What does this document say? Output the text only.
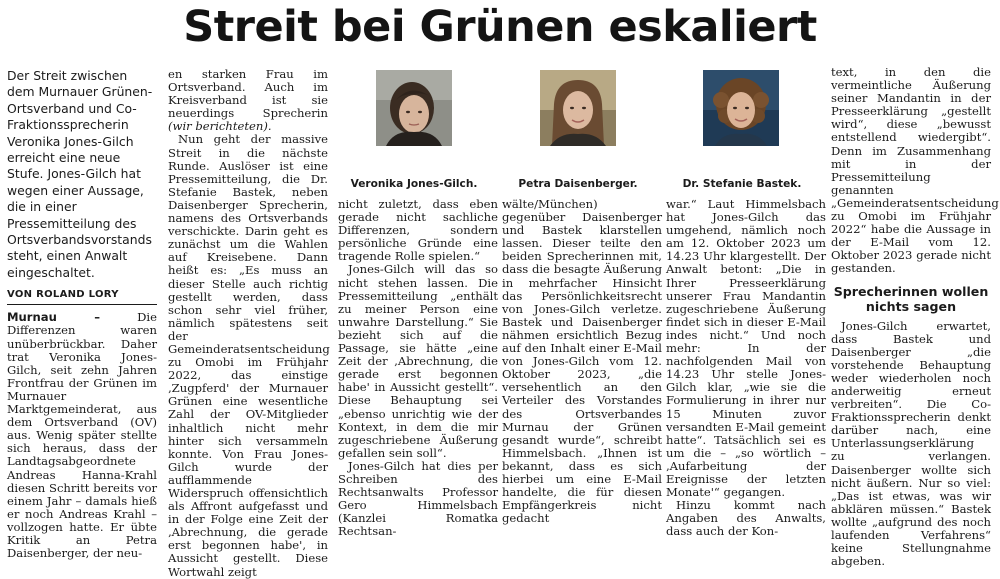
Streit bei Grünen eskaliert

Der Streit zwischen dem Murnauer Grünen-Ortsverband und Co-Fraktionssprecherin Veronika Jones-Gilch erreicht eine neue Stufe. Jones-Gilch hat wegen einer Aussage, die in einer Pressemitteilung des Ortsverbandsvorstands steht, einen Anwalt eingeschaltet.

VON ROLAND LORY

Murnau –	Die Differenzen waren unüberbrückbar. Daher trat Veronika Jones-Gilch, seit zehn Jahren Frontfrau der Grünen im Murnauer Marktgemeinderat, aus dem Ortsverband (OV) aus. Wenig später stellte sich heraus, dass der Landtagsabgeordnete Andreas Hanna-Krahl diesen Schritt bereits vor einem Jahr – damals hieß er noch Andreas Krahl – vollzogen hatte. Er übte Kritik an Petra Daisenberger, der neu-

en starken Frau im Ortsverband. Auch im Kreisverband ist sie neuerdings Sprecherin (wir berichteten).

Nun geht der massive Streit in die nächste Runde. Auslöser ist eine Pressemitteilung, die Dr. Stefanie Bastek, neben Daisenberger Sprecherin, namens des Ortsverbands verschickte. Darin geht es zunächst um die Wahlen auf Kreisebene. Dann heißt es: „Es muss an dieser Stelle auch richtig gestellt werden, dass schon sehr viel früher, nämlich spätestens seit der Gemeinderatsentscheidung zu Omobi im Frühjahr 2022, das einstige ‚Zugpferd' der Murnauer Grünen eine wesentliche Zahl der OV-Mitglieder inhaltlich nicht mehr hinter sich versammeln konnte. Von Frau Jones-Gilch wurde der aufflammende Widerspruch offensichtlich als Affront aufgefasst und in der Folge eine Zeit der ‚Abrechnung, die gerade erst begonnen habe', in Aussicht gestellt. Diese Wortwahl zeigt

Veronika Jones-Gilch.	Petra Daisenberger.	Dr. Stefanie Bastek.

nicht zuletzt, dass eben gerade nicht sachliche Differenzen, sondern persönliche Gründe eine tragende Rolle spielen.“

Jones-Gilch will das so nicht stehen lassen. Die Pressemitteilung „enthält zu meiner Person eine unwahre Darstellung.“ Sie bezieht sich auf die Passage, sie hätte „eine Zeit der ‚Abrechnung, die gerade erst begonnen habe' in Aussicht gestellt“. Diese Behauptung sei „ebenso unrichtig wie der Kontext, in dem die mir zugeschriebene Äußerung gefallen sein soll“.

Jones-Gilch hat dies per Schreiben des Rechtsanwalts Professor Gero Himmelsbach (Kanzlei Romatka Rechtsan-

wälte/München) gegenüber Daisenberger und Bastek klarstellen lassen. Dieser teilte den beiden Sprecherinnen mit, dass die besagte Äußerung in mehrfacher Hinsicht das Persönlichkeitsrecht von Jones-Gilch verletze. Bastek und Daisenberger nähmen ersichtlich Bezug auf den Inhalt einer E-Mail von Jones-Gilch vom 12. Oktober 2023, „die versehentlich an den Verteiler des Vorstandes des Ortsverbandes Murnau der Grünen gesandt wurde“, schreibt Himmelsbach. „Ihnen ist bekannt, dass es sich hierbei um eine E-Mail handelte, die für diesen Empfängerkreis nicht gedacht

war.“ Laut Himmelsbach hat Jones-Gilch das umgehend, nämlich noch am 12. Oktober 2023 um 14.23 Uhr klargestellt. Der Anwalt betont: „Die in Ihrer Presseerklärung unserer Frau Mandantin zugeschriebene Äußerung findet sich in dieser E-Mail indes nicht.“ Und noch mehr: In der nachfolgenden Mail von 14.23 Uhr stelle Jones-Gilch klar, „wie sie die Formulierung in ihrer nur 15 Minuten zuvor versandten E-Mail gemeint hatte“. Tatsächlich sei es um die – „so wörtlich – ‚Aufarbeitung der Ereignisse der letzten Monate'“ gegangen.

Hinzu kommt nach Angaben des Anwalts, dass auch der Kon-

text, in den die vermeintliche Äußerung seiner Mandantin in der Presseerklärung „gestellt wird“, diese „bewusst entstellend wiedergibt“. Denn im Zusammenhang mit in der Pressemitteilung genannten „Gemeinderatsentscheidung zu Omobi im Frühjahr 2022“ habe die Aussage in der E-Mail vom 12. Oktober 2023 gerade nicht gestanden.

Sprecherinnen wollen nichts sagen

Jones-Gilch erwartet, dass Bastek und Daisenberger „die vorstehende Behauptung weder wiederholen noch anderweitig erneut verbreiten“. Die Co-Fraktionssprecherin denkt darüber nach, eine Unterlassungserklärung zu verlangen. Daisenberger wollte sich nicht äußern. Nur so viel: „Das ist etwas, was wir abklären müssen.“ Bastek wollte „aufgrund des noch laufenden Verfahrens“ keine Stellungnahme abgeben.
